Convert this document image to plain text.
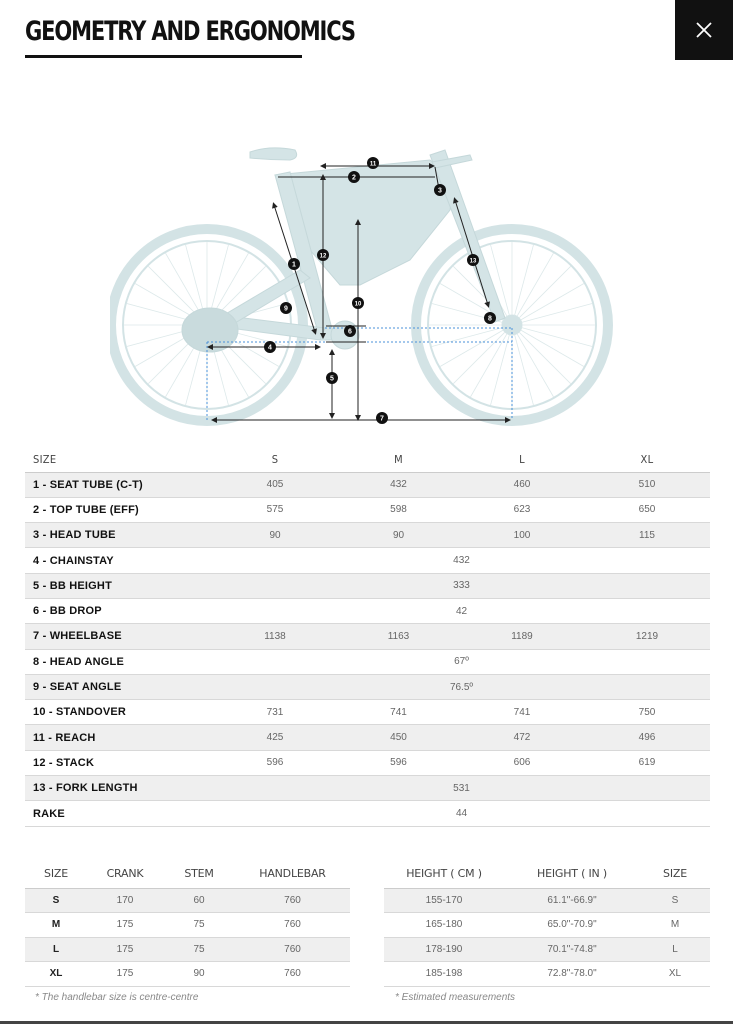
GEOMETRY AND ERGONOMICS
1
2
3
4
5
6
7
8
9
10
11
12
13
SIZE	S	M	L	XL
1 - SEAT TUBE (C-T)	405	432	460	510
2 - TOP TUBE (EFF)	575	598	623	650
3 - HEAD TUBE	90	90	100	115
4 - CHAINSTAY	432			
5 - BB HEIGHT	333			
6 - BB DROP	42			
7 - WHEELBASE	1138	1163	1189	1219
8 - HEAD ANGLE	67º			
9 - SEAT ANGLE	76.5º			
10 - STANDOVER	731	741	741	750
11 - REACH	425	450	472	496
12 - STACK	596	596	606	619
13 - FORK LENGTH	531			
RAKE	44			
SIZE	CRANK	STEM	HANDLEBAR
S	170	60	760
M	175	75	760
L	175	75	760
XL	175	90	760
HEIGHT ( CM )	HEIGHT ( IN )	SIZE
155-170	61.1"-66.9"	S
165-180	65.0"-70.9"	M
178-190	70.1"-74.8"	L
185-198	72.8"-78.0"	XL
* The handlebar size is centre-centre	* Estimated measurements
